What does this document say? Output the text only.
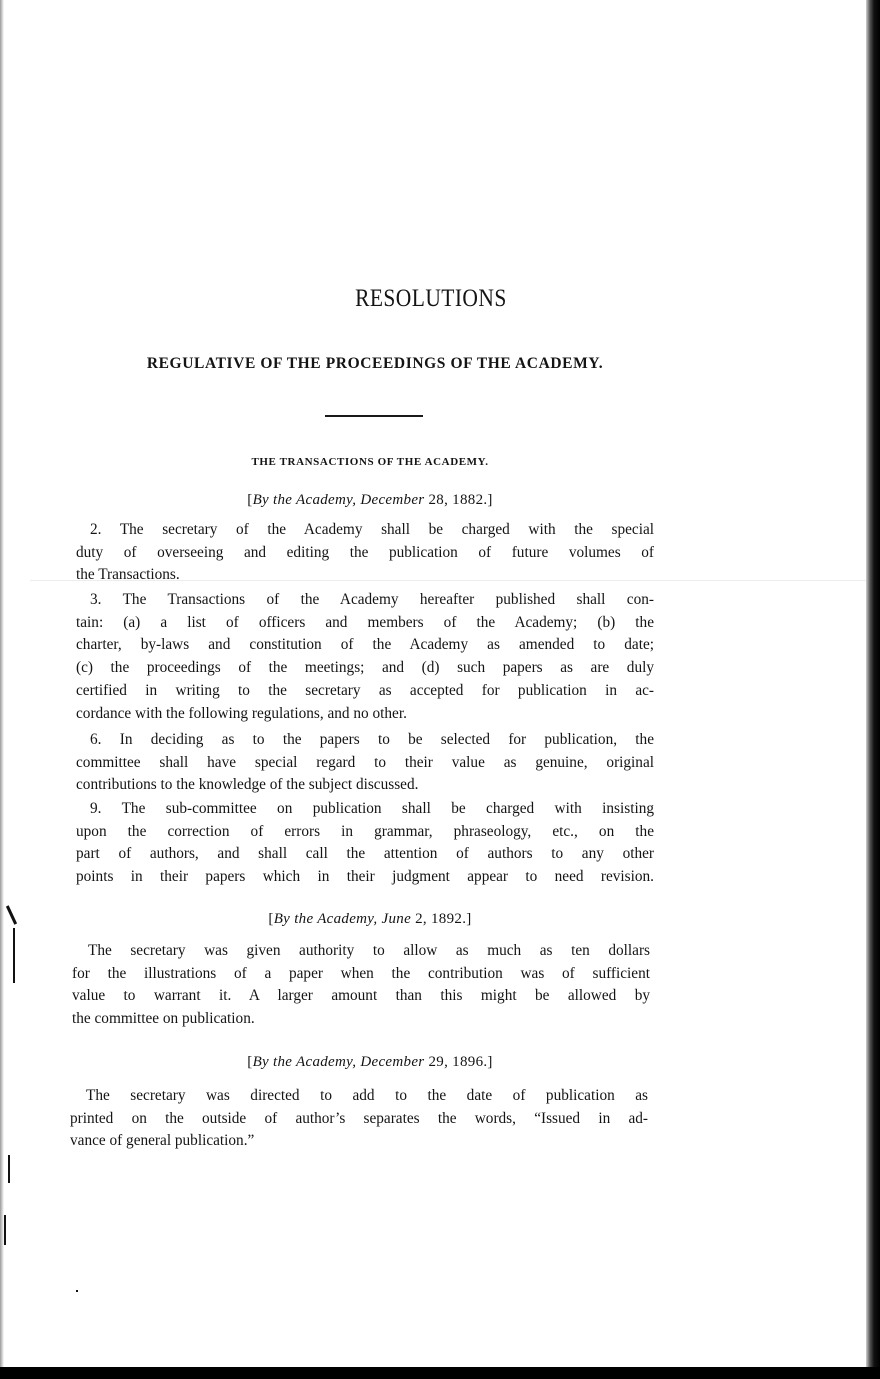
RESOLUTIONS
REGULATIVE OF THE PROCEEDINGS OF THE ACADEMY.
THE TRANSACTIONS OF THE ACADEMY.
[By the Academy, December 28, 1882.]
2. The secretary of the Academy shall be charged with the special
duty of overseeing and editing the publication of future volumes of
the Transactions.
3. The Transactions of the Academy hereafter published shall con-
tain: (a) a list of officers and members of the Academy; (b) the
charter, by-laws and constitution of the Academy as amended to date;
(c) the proceedings of the meetings; and (d) such papers as are duly
certified in writing to the secretary as accepted for publication in ac-
cordance with the following regulations, and no other.
6. In deciding as to the papers to be selected for publication, the
committee shall have special regard to their value as genuine, original
contributions to the knowledge of the subject discussed.
9. The sub-committee on publication shall be charged with insisting
upon the correction of errors in grammar, phraseology, etc., on the
part of authors, and shall call the attention of authors to any other
points in their papers which in their judgment appear to need revision.
[By the Academy, June 2, 1892.]
The secretary was given authority to allow as much as ten dollars
for the illustrations of a paper when the contribution was of sufficient
value to warrant it. A larger amount than this might be allowed by
the committee on publication.
[By the Academy, December 29, 1896.]
The secretary was directed to add to the date of publication as
printed on the outside of author’s separates the words, “Issued in ad-
vance of general publication.”
